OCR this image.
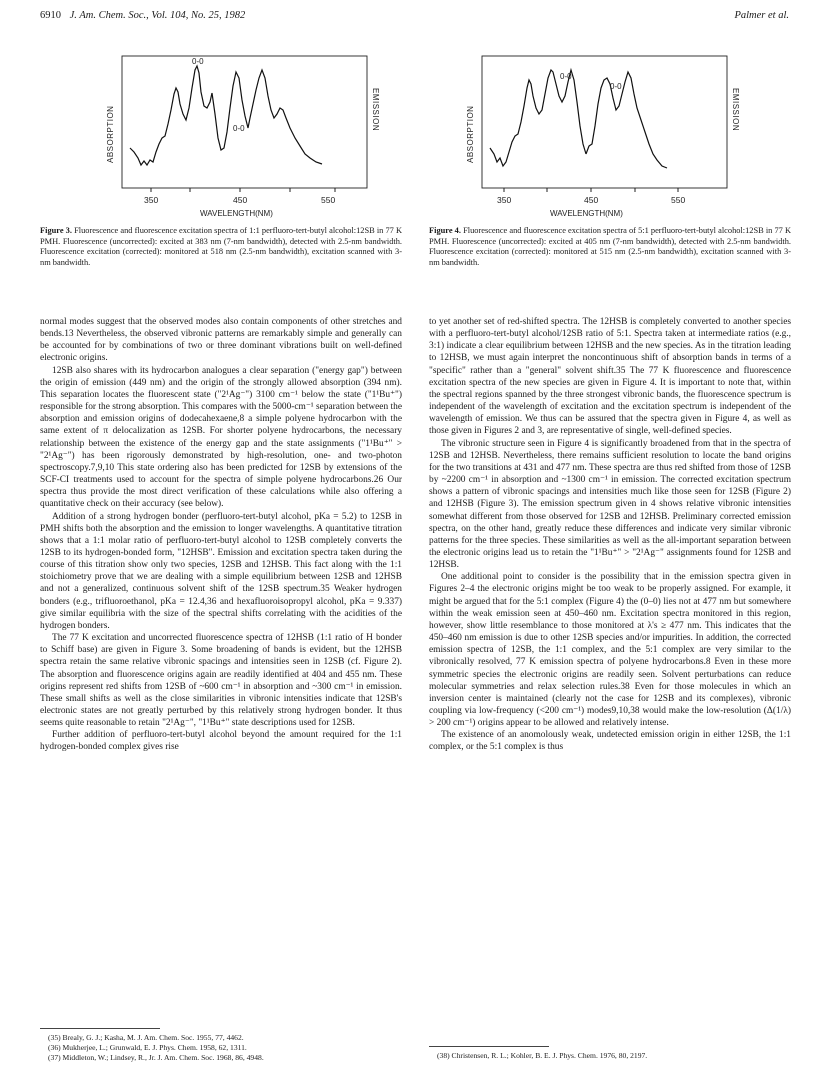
6910 J. Am. Chem. Soc., Vol. 104, No. 25, 1982	Palmer et al.
350	450	550
WAVELENGTH(NM)
ABSORPTION	EMISSION
0-0
0-0
Figure 3. Fluorescence and fluorescence excitation spectra of 1:1 perfluoro-tert-butyl alcohol:12SB in 77 K PMH. Fluorescence (uncorrected): excited at 383 nm (7-nm bandwidth), detected with 2.5-nm bandwidth. Fluorescence excitation (corrected): monitored at 518 nm (2.5-nm bandwidth), excitation scanned with 3-nm bandwidth.
350	450	550
WAVELENGTH(NM)
ABSORPTION	EMISSION
0-0
0-0
Figure 4. Fluorescence and fluorescence excitation spectra of 5:1 perfluoro-tert-butyl alcohol:12SB in 77 K PMH. Fluorescence (uncorrected): excited at 405 nm (7-nm bandwidth), detected with 2.5-nm bandwidth. Fluorescence excitation (corrected): monitored at 515 nm (2.5-nm bandwidth), excitation scanned with 3-nm bandwidth.

normal modes suggest that the observed modes also contain components of other stretches and bends.13 Nevertheless, the observed vibronic patterns are remarkably simple and generally can be accounted for by combinations of two or three dominant vibrations built on well-defined electronic origins.

12SB also shares with its hydrocarbon analogues a clear separation ("energy gap") between the origin of emission (449 nm) and the origin of the strongly allowed absorption (394 nm). This separation locates the fluorescent state ("2¹Ag⁻") 3100 cm⁻¹ below the state ("1¹Bu⁺") responsible for the strong absorption. This compares with the 5000-cm⁻¹ separation between the absorption and emission origins of dodecahexaene,8 a simple polyene hydrocarbon with the same extent of π delocalization as 12SB. For shorter polyene hydrocarbons, the necessary relationship between the existence of the energy gap and the state assignments ("1¹Bu⁺" > "2¹Ag⁻") has been rigorously demonstrated by high-resolution, one- and two-photon spectroscopy.7,9,10 This state ordering also has been predicted for 12SB by extensions of the SCF-CI treatments used to account for the spectra of simple polyene hydrocarbons.26 Our spectra thus provide the most direct verification of these calculations while also offering a quantitative check on their accuracy (see below).

Addition of a strong hydrogen bonder (perfluoro-tert-butyl alcohol, pKa = 5.2) to 12SB in PMH shifts both the absorption and the emission to longer wavelengths. A quantitative titration shows that a 1:1 molar ratio of perfluoro-tert-butyl alcohol to 12SB completely converts the 12SB to its hydrogen-bonded form, "12HSB". Emission and excitation spectra taken during the course of this titration show only two species, 12SB and 12HSB. This fact along with the 1:1 stoichiometry prove that we are dealing with a simple equilibrium between 12SB and 12HSB and not a generalized, continuous solvent shift of the 12SB spectrum.35 Weaker hydrogen bonders (e.g., trifluoroethanol, pKa = 12.4,36 and hexafluoroisopropyl alcohol, pKa = 9.337) give similar equilibria with the size of the spectral shifts correlating with the acidities of the hydrogen bonders.

The 77 K excitation and uncorrected fluorescence spectra of 12HSB (1:1 ratio of H bonder to Schiff base) are given in Figure 3. Some broadening of bands is evident, but the 12HSB spectra retain the same relative vibronic spacings and intensities seen in 12SB (cf. Figure 2). The absorption and fluorescence origins again are readily identified at 404 and 455 nm. These origins represent red shifts from 12SB of ~600 cm⁻¹ in absorption and ~300 cm⁻¹ in emission. These small shifts as well as the close similarities in vibronic intensities indicate that 12SB's electronic states are not greatly perturbed by this relatively strong hydrogen bonder. It thus seems quite reasonable to retain "2¹Ag⁻", "1¹Bu⁺" state descriptions used for 12SB.

Further addition of perfluoro-tert-butyl alcohol beyond the amount required for the 1:1 hydrogen-bonded complex gives rise

to yet another set of red-shifted spectra. The 12HSB is completely converted to another species with a perfluoro-tert-butyl alcohol/12SB ratio of 5:1. Spectra taken at intermediate ratios (e.g., 3:1) indicate a clear equilibrium between 12HSB and the new species. As in the titration leading to 12HSB, we must again interpret the noncontinuous shift of absorption bands in terms of a "specific" rather than a "general" solvent shift.35 The 77 K fluorescence and fluorescence excitation spectra of the new species are given in Figure 4. It is important to note that, within the spectral regions spanned by the three strongest vibronic bands, the fluorescence spectrum is independent of the wavelength of excitation and the excitation spectrum is independent of the wavelength of emission. We thus can be assured that the spectra given in Figure 4, as well as those given in Figures 2 and 3, are representative of single, well-defined species.

The vibronic structure seen in Figure 4 is significantly broadened from that in the spectra of 12SB and 12HSB. Nevertheless, there remains sufficient resolution to locate the band origins for the two transitions at 431 and 477 nm. These spectra are thus red shifted from those of 12SB by ~2200 cm⁻¹ in absorption and ~1300 cm⁻¹ in emission. The corrected excitation spectrum shows a pattern of vibronic spacings and intensities much like those seen for 12SB (Figure 2) and 12HSB (Figure 3). The emission spectrum given in 4 shows relative vibronic intensities somewhat different from those observed for 12SB and 12HSB. Preliminary corrected emission spectra, on the other hand, greatly reduce these differences and indicate very similar vibronic patterns for the three species. These similarities as well as the all-important separation between the electronic origins lead us to retain the "1¹Bu⁺" > "2¹Ag⁻" assignments found for 12SB and 12HSB.

One additional point to consider is the possibility that in the emission spectra given in Figures 2–4 the electronic origins might be too weak to be properly assigned. For example, it might be argued that for the 5:1 complex (Figure 4) the (0–0) lies not at 477 nm but somewhere within the weak emission seen at 450–460 nm. Excitation spectra monitored in this region, however, show little resemblance to those monitored at λ's ≥ 477 nm. This indicates that the 450–460 nm emission is due to other 12SB species and/or impurities. In addition, the corrected emission spectra of 12SB, the 1:1 complex, and the 5:1 complex are very similar to the vibronically resolved, 77 K emission spectra of polyene hydrocarbons.8 Even in these more symmetric species the electronic origins are readily seen. Solvent perturbations can reduce molecular symmetries and relax selection rules.38 Even for those molecules in which an inversion center is maintained (clearly not the case for 12SB and its complexes), vibronic coupling via low-frequency (<200 cm⁻¹) modes9,10,38 would make the low-resolution (Δ(1/λ) > 200 cm⁻¹) origins appear to be allowed and relatively intense.

The existence of an anomolously weak, undetected emission origin in either 12SB, the 1:1 complex, or the 5:1 complex is thus

(35) Brealy, G. J.; Kasha, M. J. Am. Chem. Soc. 1955, 77, 4462.
(36) Mukherjee, L.; Grunwald, E. J. Phys. Chem. 1958, 62, 1311.
(37) Middleton, W.; Lindsey, R., Jr. J. Am. Chem. Soc. 1968, 86, 4948.	(38) Christensen, R. L.; Kohler, B. E. J. Phys. Chem. 1976, 80, 2197.
